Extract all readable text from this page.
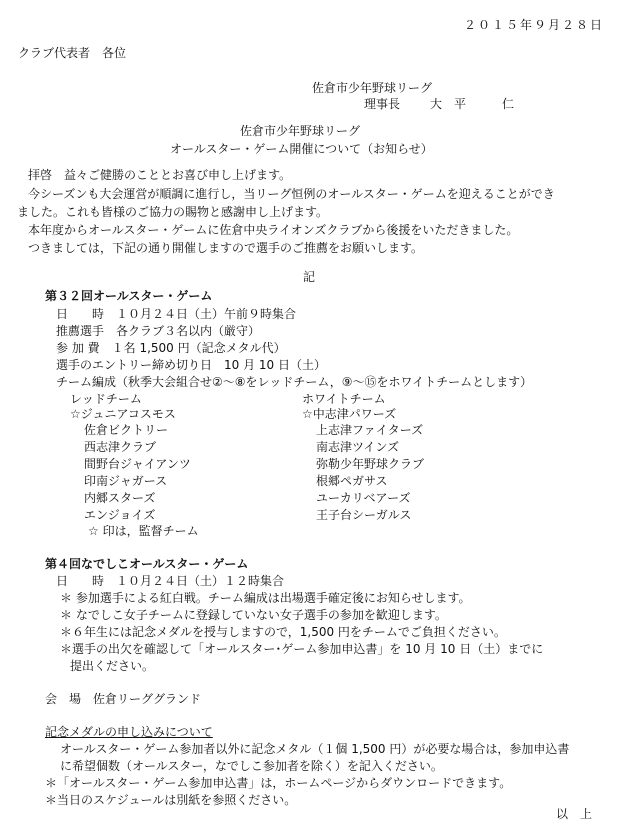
２０１５年９月２８日
クラブ代表者　各位
佐倉市少年野球リーグ
理事長 大　平　　　仁
佐倉市少年野球リーグ
オールスター・ゲーム開催について（お知らせ）
拝啓　益々ご健勝のこととお喜び申し上げます。
今シーズンも大会運営が順調に進行し，当リーグ恒例のオールスター・ゲームを迎えることができ
ました。これも皆様のご協力の賜物と感謝申し上げます。
本年度からオールスター・ゲームに佐倉中央ライオンズクラブから後援をいただきました。
つきましては，下記の通り開催しますので選手のご推薦をお願いします。
記
第３２回オールスター・ゲーム
日　　時　１０月２４日（土）午前９時集合
推薦選手　各クラブ３名以内（厳守）
参 加 費　１名 1,500 円（記念メタル代）
選手のエントリー締め切り日　10 月 10 日（土）
チーム編成（秋季大会組合せ②～⑧をレッドチーム，⑨～⑮をホワイトチームとします）
レッドチーム
☆ジュニアコスモス
佐倉ビクトリー
西志津クラブ
間野台ジャイアンツ
印南ジャガース
内郷スターズ
エンジョイズ
ホワイトチーム
☆中志津パワーズ
上志津ファイターズ
南志津ツインズ
弥勒少年野球クラブ
根郷ペガサス
ユーカリベアーズ
王子台シーガルス
☆ 印は，監督チーム
第４回なでしこオールスター・ゲーム
日　　時　１０月２４日（土）１２時集合
＊ 参加選手による紅白戦。チーム編成は出場選手確定後にお知らせします。
＊ なでしこ女子チームに登録していない女子選手の参加を歓迎します。
＊６年生には記念メダルを授与しますので，1,500 円をチームでご負担ください。
＊選手の出欠を確認して「オールスター･ゲーム参加申込書」を 10 月 10 日（土）までに
提出ください。
会　場　佐倉リーググランド
記念メダルの申し込みについて
オールスター・ゲーム参加者以外に記念メタル（１個 1,500 円）が必要な場合は，参加申込書
に希望個数（オールスター，なでしこ参加者を除く）を記入ください。
＊「オールスター・ゲーム参加申込書」は，ホームページからダウンロードできます。
＊当日のスケジュールは別紙を参照ください。
以　上
